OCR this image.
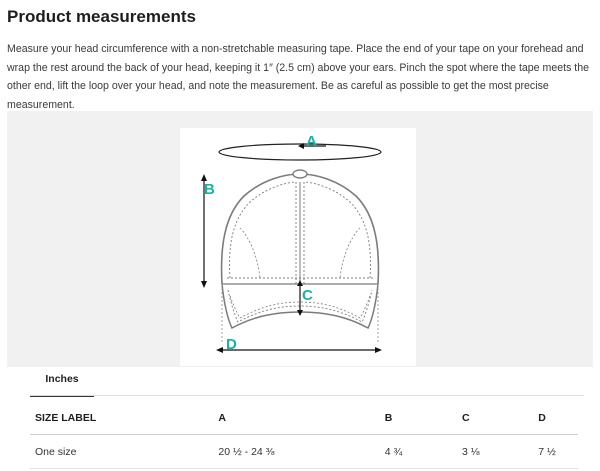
Product measurements
Measure your head circumference with a non-stretchable measuring tape. Place the end of your tape on your forehead and wrap the rest around the back of your head, keeping it 1″ (2.5 cm) above your ears. Pinch the spot where the tape meets the other end, lift the loop over your head, and note the measurement. Be as careful as possible to get the most precise measurement.
A
B
C
D
Inches
SIZE LABEL	A	B	C	D
One size	20 ½ - 24 ⅜	4 ¾	3 ⅛	7 ½
